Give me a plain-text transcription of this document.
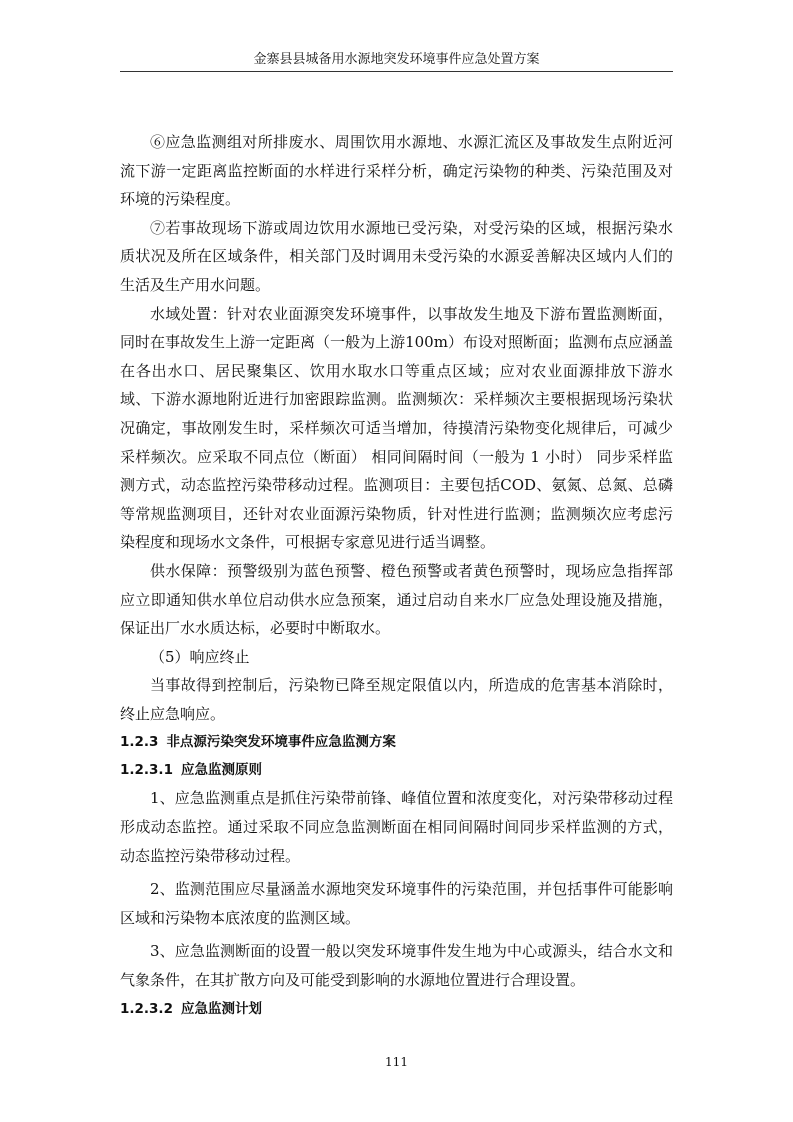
金寨县县城备用水源地突发环境事件应急处置方案

⑥应急监测组对所排废水、周围饮用水源地、水源汇流区及事故发生点附近河流下游一定距离监控断面的水样进行采样分析，确定污染物的种类、污染范围及对环境的污染程度。

⑦若事故现场下游或周边饮用水源地已受污染，对受污染的区域，根据污染水质状况及所在区域条件，相关部门及时调用未受污染的水源妥善解决区域内人们的生活及生产用水问题。

水域处置：针对农业面源突发环境事件，以事故发生地及下游布置监测断面，同时在事故发生上游一定距离（一般为上游100m）布设对照断面；监测布点应涵盖在各出水口、居民聚集区、饮用水取水口等重点区域；应对农业面源排放下游水域、下游水源地附近进行加密跟踪监测。监测频次：采样频次主要根据现场污染状况确定，事故刚发生时，采样频次可适当增加，待摸清污染物变化规律后，可减少采样频次。应采取不同点位（断面） 相同间隔时间（一般为 1 小时） 同步采样监测方式，动态监控污染带移动过程。监测项目：主要包括COD、氨氮、总氮、总磷等常规监测项目，还针对农业面源污染物质，针对性进行监测；监测频次应考虑污染程度和现场水文条件，可根据专家意见进行适当调整。

供水保障：预警级别为蓝色预警、橙色预警或者黄色预警时，现场应急指挥部应立即通知供水单位启动供水应急预案，通过启动自来水厂应急处理设施及措施，保证出厂水水质达标，必要时中断取水。

（5）响应终止

当事故得到控制后，污染物已降至规定限值以内，所造成的危害基本消除时，终止应急响应。

1.2.3 非点源污染突发环境事件应急监测方案

1.2.3.1 应急监测原则

1、应急监测重点是抓住污染带前锋、峰值位置和浓度变化，对污染带移动过程形成动态监控。通过采取不同应急监测断面在相同间隔时间同步采样监测的方式，动态监控污染带移动过程。

2、监测范围应尽量涵盖水源地突发环境事件的污染范围，并包括事件可能影响区域和污染物本底浓度的监测区域。

3、应急监测断面的设置一般以突发环境事件发生地为中心或源头，结合水文和气象条件，在其扩散方向及可能受到影响的水源地位置进行合理设置。

1.2.3.2 应急监测计划

111
